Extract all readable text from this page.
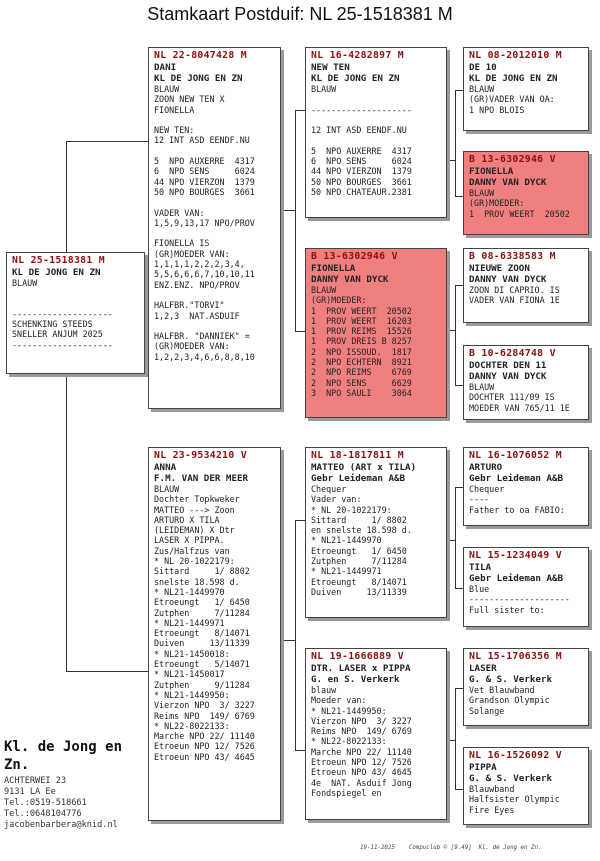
Stamkaart Postduif: NL 25-1518381 M
NL 25-1518381 M
KL DE JONG EN ZN
BLAUW

--------------------
SCHENKING STEEDS
SNELLER ANJUM 2025
--------------------
NL 22-8047428 M
DANI
KL DE JONG EN ZN
BLAUW
ZOON NEW TEN X
FIONELLA

NEW TEN:
12 INT ASD EENDF.NU

5  NPO AUXERRE  4317
6  NPO SENS     6024
44 NPO VIERZON  1379
50 NPO BOURGES  3661

VADER VAN:
1,5,9,13,17 NPO/PROV

FIONELLA IS
(GR)MOEDER VAN:
1,1,1,1,2,2,2,3,4,
5,5,6,6,6,7,10,10,11
ENZ.ENZ. NPO/PROV

HALFBR."TORVI"
1,2,3  NAT.ASDUIF

HALFBR. "DANNIEK" =
(GR)MOEDER VAN:
1,2,2,3,4,6,6,8,8,10
NL 23-9534210 V
ANNA
F.M. VAN DER MEER
BLAUW
Dochter Topkweker
MATTEO ---> Zoon
ARTURO X TILA
(LEIDEMAN) X Dtr
LASER X PIPPA.
Zus/Halfzus van
* NL 20-1022179:
Sittard     1/ 8802
snelste 18.598 d.
* NL21-1449970
Etroeungt   1/ 6450
Zutphen     7/11284
* NL21-1449971
Etroeungt   8/14071
Duiven     13/11339
* NL21-1450018:
Etroeungt   5/14071
* NL21-1450017
Zutphen     9/11284
* NL21-1449950:
Vierzon NPO  3/ 3227
Reims NPO  149/ 6769
* NL22-8022133:
Marche NPO 22/ 11140
Etroeun NPO 12/ 7526
Etroeun NPO 43/ 4645
NL 16-4282897 M
NEW TEN
KL DE JONG EN ZN
BLAUW

--------------------

12 INT ASD EENDF.NU

5  NPO AUXERRE  4317
6  NPO SENS     6024
44 NPO VIERZON  1379
50 NPO BOURGES  3661
50 NPO CHATEAUR.2381
B 13-6302946 V
FIONELLA
DANNY VAN DYCK
BLAUW
(GR)MOEDER:
1  PROV WEERT  20502
1  PROV WEERT  16203
1  PROV REIMS  15526
1  PROV DREIS B 8257
2  NPO ISSOUD.  1817
2  NPO ECHTERN  8921
2  NPO REIMS    6769
2  NPO SENS     6629
3  NPO SAULI    3064
NL 18-1817811 M
MATTEO (ART x TILA)
Gebr Leideman A&B
Chequer
Vader van:
* NL 20-1022179:
Sittard     1/ 8802
en snelste 18.598 d.
* NL21-1449970
Etroeungt   1/ 6450
Zutphen     7/11284
* NL21-1449971
Etroeungt   8/14071
Duiven     13/11339
NL 19-1666889 V
DTR. LASER x PIPPA
G. en S. Verkerk
blauw
Moeder van:
* NL21-1449950:
Vierzon NPO  3/ 3227
Reims NPO  149/ 6769
* NL22-8022133:
Marche NPO 22/ 11140
Etroeun NPO 12/ 7526
Etroeun NPO 43/ 4645
4e  NAT. Asduif Jong
Fondspiegel en
NL 08-2012010 M
DE 10
KL DE JONG EN ZN
BLAUW
(GR)VADER VAN OA:
1 NPO BLOIS
B 13-6302946 V
FIONELLA
DANNY VAN DYCK
BLAUW
(GR)MOEDER:
1  PROV WEERT  20502
B 08-6338583 M
NIEUWE ZOON
DANNY VAN DYCK
ZOON DI CAPRIO. IS
VADER VAN FIONA 1E
B 10-6284748 V
DOCHTER DEN 11
DANNY VAN DYCK
BLAUW
DOCHTER 111/09 IS
MOEDER VAN 765/11 1E
NL 16-1076052 M
ARTURO
Gebr Leideman A&B
Chequer
----
Father to oa FABIO:
NL 15-1234049 V
TILA
Gebr Leideman A&B
Blue
--------------------
Full sister to:
NL 15-1706356 M
LASER
G. & S. Verkerk
Vet Blauwband
Grandson Olympic
Solange
NL 16-1526092 V
PIPPA
G. & S. Verkerk
Blauwband
Halfsister Olympic
Fire Eyes
Kl. de Jong en Zn.
ACHTERWEI 23
9131 LA Ee
Tel.:0519-518661
Tel.:0648104776
jacobenbarbera@knid.nl
19-11-2025    Compuclub © [9.49]  Kl. de Jong en Zn.
